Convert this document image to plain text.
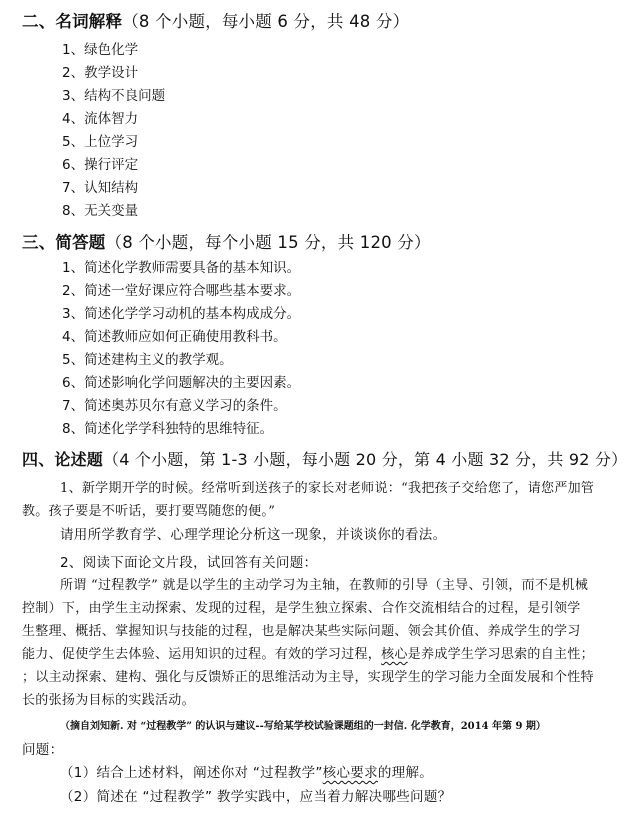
二、名词解释（8 个小题，每小题 6 分，共 48 分）
1、绿色化学
2、教学设计
3、结构不良问题
4、流体智力
5、上位学习
6、操行评定
7、认知结构
8、无关变量
三、简答题（8 个小题，每个小题 15 分，共 120 分）
1、简述化学教师需要具备的基本知识。
2、简述一堂好课应符合哪些基本要求。
3、简述化学学习动机的基本构成成分。
4、简述教师应如何正确使用教科书。
5、简述建构主义的教学观。
6、简述影响化学问题解决的主要因素。
7、简述奥苏贝尔有意义学习的条件。
8、简述化学学科独特的思维特征。
四、论述题（4 个小题，第 1-3 小题，每小题 20 分，第 4 小题 32 分，共 92 分）
1、新学期开学的时候。经常听到送孩子的家长对老师说：“我把孩子交给您了，请您严加管
教。孩子要是不听话，要打要骂随您的便。”
请用所学教育学、心理学理论分析这一现象，并谈谈你的看法。
2、阅读下面论文片段，试回答有关问题：
所谓 “过程教学” 就是以学生的主动学习为主轴，在教师的引导（主导、引领，而不是机械
控制）下，由学生主动探索、发现的过程，是学生独立探索、合作交流相结合的过程，是引领学
生整理、概括、掌握知识与技能的过程，也是解决某些实际问题、领会其价值、养成学生的学习
能力、促使学生去体验、运用知识的过程。有效的学习过程，核心是养成学生学习思索的自主性；
；以主动探索、建构、强化与反馈矫正的思维活动为主导，实现学生的学习能力全面发展和个性特
长的张扬为目标的实践活动。
（摘自刘知新. 对 “过程教学” 的认识与建议--写给某学校试验课题组的一封信. 化学教育，2014 年第 9 期）
问题：
（1）结合上述材料，阐述你对 “过程教学”核心要求的理解。
（2）简述在 “过程教学” 教学实践中，应当着力解决哪些问题？
